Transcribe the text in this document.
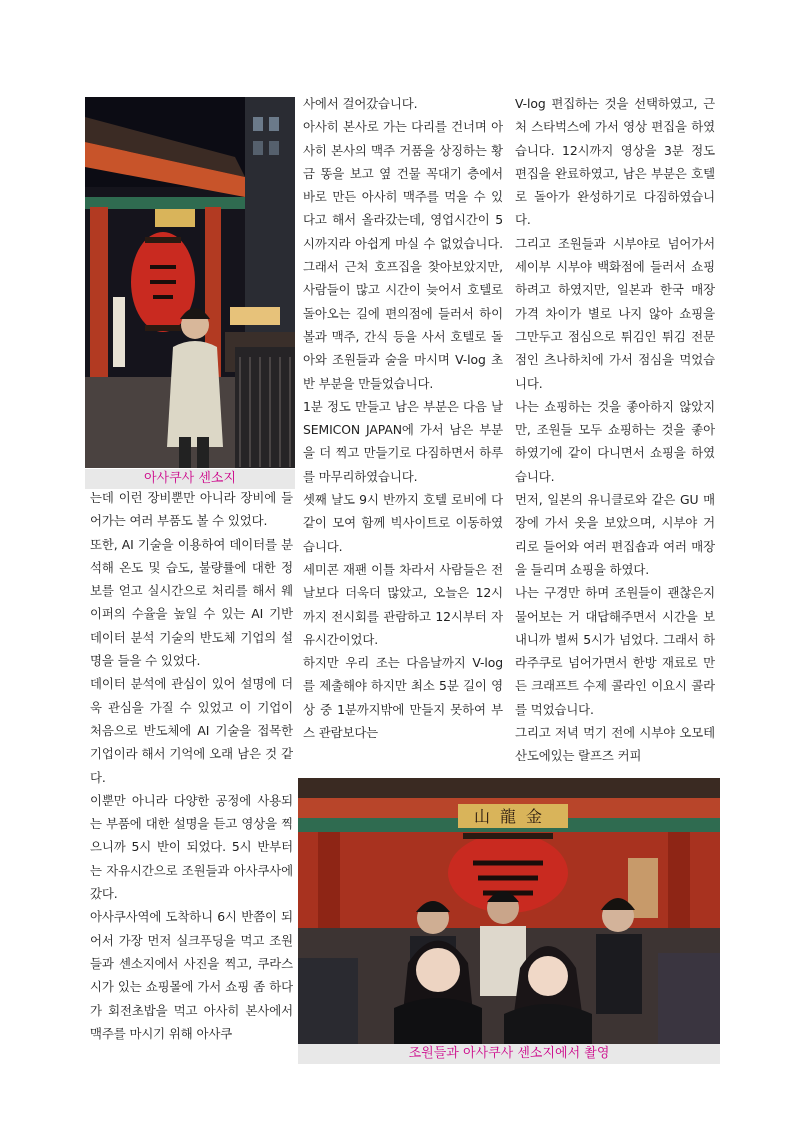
아사쿠사 센소지

는데 이런 장비뿐만 아니라 장비에 들어가는 여러 부품도 볼 수 있었다.

또한, AI 기술을 이용하여 데이터를 분석해 온도 및 습도, 불량률에 대한 정보를 얻고 실시간으로 처리를 해서 웨이퍼의 수율을 높일 수 있는 AI 기반 데이터 분석 기술의 반도체 기업의 설명을 들을 수 있었다.

데이터 분석에 관심이 있어 설명에 더욱 관심을 가질 수 있었고 이 기업이 처음으로 반도체에 AI 기술을 접목한 기업이라 해서 기억에 오래 남은 것 같다.

이뿐만 아니라 다양한 공정에 사용되는 부품에 대한 설명을 듣고 영상을 찍으니까 5시 반이 되었다. 5시 반부터는 자유시간으로 조원들과 아사쿠사에 갔다.

아사쿠사역에 도착하니 6시 반쯤이 되어서 가장 먼저 실크푸딩을 먹고 조원들과 센소지에서 사진을 찍고, 쿠라스시가 있는 쇼핑몰에 가서 쇼핑 좀 하다가 회전초밥을 먹고 아사히 본사에서 맥주를 마시기 위해 아사쿠

사에서 걸어갔습니다.

아사히 본사로 가는 다리를 건너며 아사히 본사의 맥주 거품을 상징하는 황금 똥을 보고 옆 건물 꼭대기 층에서 바로 만든 아사히 맥주를 먹을 수 있다고 해서 올라갔는데, 영업시간이 5시까지라 아쉽게 마실 수 없었습니다. 그래서 근처 호프집을 찾아보았지만, 사람들이 많고 시간이 늦어서 호텔로 돌아오는 길에 편의점에 들러서 하이볼과 맥주, 간식 등을 사서 호텔로 돌아와 조원들과 술을 마시며 V-log 초반 부분을 만들었습니다.

1분 정도 만들고 남은 부분은 다음 날 SEMICON JAPAN에 가서 남은 부분을 더 찍고 만들기로 다짐하면서 하루를 마무리하였습니다.

셋째 날도 9시 반까지 호텔 로비에 다 같이 모여 함께 빅사이트로 이동하였습니다.

세미콘 재팬 이틀 차라서 사람들은 전날보다 더욱더 많았고, 오늘은 12시까지 전시회를 관람하고 12시부터 자유시간이었다.

하지만 우리 조는 다음날까지 V-log를 제출해야 하지만 최소 5분 길이 영상 중 1분까지밖에 만들지 못하여 부스 관람보다는

V-log 편집하는 것을 선택하였고, 근처 스타벅스에 가서 영상 편집을 하였습니다. 12시까지 영상을 3분 정도 편집을 완료하였고, 남은 부분은 호텔로 돌아가 완성하기로 다짐하였습니다.

그리고 조원들과 시부야로 넘어가서 세이부 시부야 백화점에 들러서 쇼핑하려고 하였지만, 일본과 한국 매장 가격 차이가 별로 나지 않아 쇼핑을 그만두고 점심으로 튀김인 튀김 전문점인 츠나하치에 가서 점심을 먹었습니다.

나는 쇼핑하는 것을 좋아하지 않았지만, 조원들 모두 쇼핑하는 것을 좋아하였기에 같이 다니면서 쇼핑을 하였습니다.

먼저, 일본의 유니클로와 같은 GU 매장에 가서 옷을 보았으며, 시부야 거리로 들어와 여러 편집숍과 여러 매장을 들리며 쇼핑을 하였다.

나는 구경만 하며 조원들이 괜찮은지 물어보는 거 대답해주면서 시간을 보내니까 벌써 5시가 넘었다. 그래서 하라주쿠로 넘어가면서 한방 재료로 만든 크래프트 수제 콜라인 이요시 콜라를 먹었습니다.

그리고 저녁 먹기 전에 시부야 오모테산도에있는 랄프즈 커피

山龍金
조원들과 아사쿠사 센소지에서 촬영
